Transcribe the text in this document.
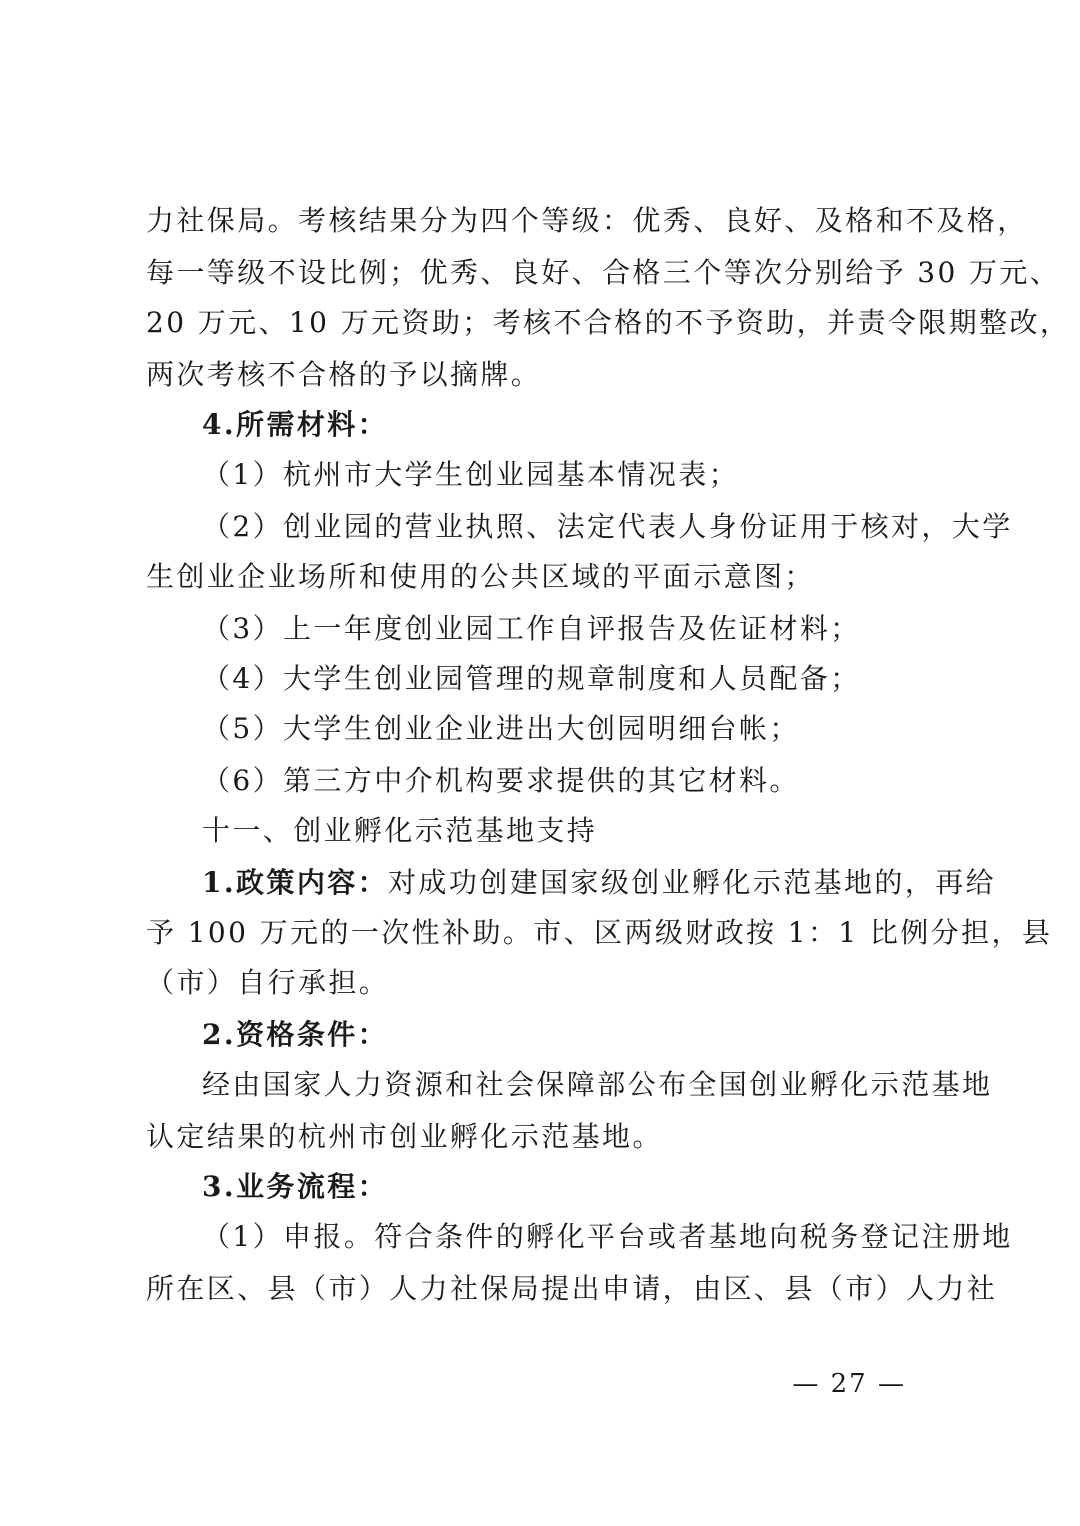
力社保局。考核结果分为四个等级：优秀、良好、及格和不及格，
每一等级不设比例；优秀、良好、合格三个等次分别给予 30 万元、
20 万元、10 万元资助；考核不合格的不予资助，并责令限期整改，
两次考核不合格的予以摘牌。
4.所需材料：
（1）杭州市大学生创业园基本情况表；
（2）创业园的营业执照、法定代表人身份证用于核对，大学
生创业企业场所和使用的公共区域的平面示意图；
（3）上一年度创业园工作自评报告及佐证材料；
（4）大学生创业园管理的规章制度和人员配备；
（5）大学生创业企业进出大创园明细台帐；
（6）第三方中介机构要求提供的其它材料。
十一、创业孵化示范基地支持
1.政策内容：对成功创建国家级创业孵化示范基地的，再给
予 100 万元的一次性补助。市、区两级财政按 1：1 比例分担，县
（市）自行承担。
2.资格条件：
经由国家人力资源和社会保障部公布全国创业孵化示范基地
认定结果的杭州市创业孵化示范基地。
3.业务流程：
（1）申报。符合条件的孵化平台或者基地向税务登记注册地
所在区、县（市）人力社保局提出申请，由区、县（市）人力社
— 27 —
